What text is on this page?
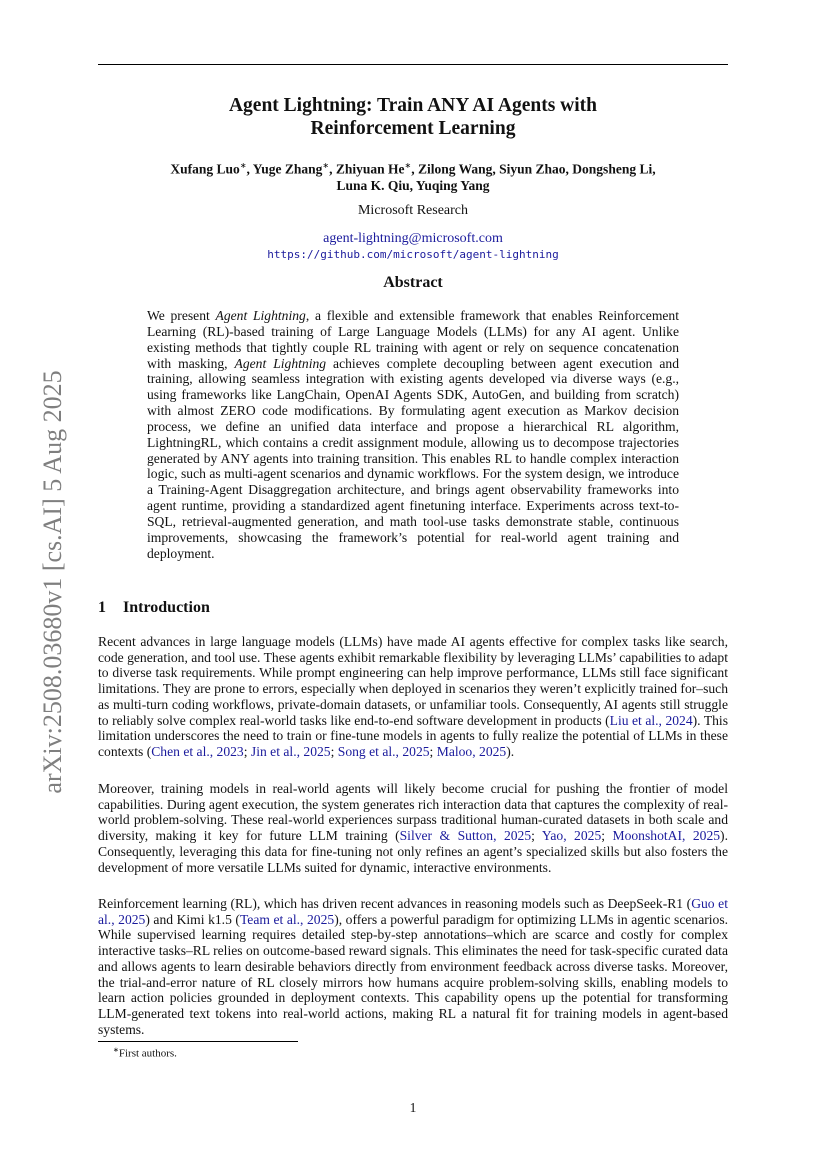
arXiv:2508.03680v1 [cs.AI] 5 Aug 2025
Agent Lightning: Train ANY AI Agents with
Reinforcement Learning
Xufang Luo∗, Yuge Zhang∗, Zhiyuan He∗, Zilong Wang, Siyun Zhao, Dongsheng Li,
Luna K. Qiu, Yuqing Yang
Microsoft Research
agent-lightning@microsoft.com
https://github.com/microsoft/agent-lightning
Abstract

We present Agent Lightning, a flexible and extensible framework that enables Reinforcement Learning (RL)-based training of Large Language Models (LLMs) for any AI agent. Unlike existing methods that tightly couple RL training with agent or rely on sequence concatenation with masking, Agent Lightning achieves complete decoupling between agent execution and training, allowing seamless integration with existing agents developed via diverse ways (e.g., using frameworks like LangChain, OpenAI Agents SDK, AutoGen, and building from scratch) with almost ZERO code modifications. By formulating agent execution as Markov decision process, we define an unified data interface and propose a hierarchical RL algorithm, LightningRL, which contains a credit assignment module, allowing us to decompose trajectories generated by ANY agents into training transition. This enables RL to handle complex interaction logic, such as multi-agent scenarios and dynamic workflows. For the system design, we introduce a Training-Agent Disaggregation architecture, and brings agent observability frameworks into agent runtime, providing a standardized agent finetuning interface. Experiments across text-to-SQL, retrieval-augmented generation, and math tool-use tasks demonstrate stable, continuous improvements, showcasing the framework’s potential for real-world agent training and deployment.

1 Introduction

Recent advances in large language models (LLMs) have made AI agents effective for complex tasks like search, code generation, and tool use. These agents exhibit remarkable flexibility by leveraging LLMs’ capabilities to adapt to diverse task requirements. While prompt engineering can help improve performance, LLMs still face significant limitations. They are prone to errors, especially when deployed in scenarios they weren’t explicitly trained for–such as multi-turn coding workflows, private-domain datasets, or unfamiliar tools. Consequently, AI agents still struggle to reliably solve complex real-world tasks like end-to-end software development in products (Liu et al., 2024). This limitation underscores the need to train or fine-tune models in agents to fully realize the potential of LLMs in these contexts (Chen et al., 2023; Jin et al., 2025; Song et al., 2025; Maloo, 2025).

Moreover, training models in real-world agents will likely become crucial for pushing the frontier of model capabilities. During agent execution, the system generates rich interaction data that captures the complexity of real-world problem-solving. These real-world experiences surpass traditional human-curated datasets in both scale and diversity, making it key for future LLM training (Silver & Sutton, 2025; Yao, 2025; MoonshotAI, 2025). Consequently, leveraging this data for fine-tuning not only refines an agent’s specialized skills but also fosters the development of more versatile LLMs suited for dynamic, interactive environments.

Reinforcement learning (RL), which has driven recent advances in reasoning models such as DeepSeek-R1 (Guo et al., 2025) and Kimi k1.5 (Team et al., 2025), offers a powerful paradigm for optimizing LLMs in agentic scenarios. While supervised learning requires detailed step-by-step annotations–which are scarce and costly for complex interactive tasks–RL relies on outcome-based reward signals. This eliminates the need for task-specific curated data and allows agents to learn desirable behaviors directly from environment feedback across diverse tasks. Moreover, the trial-and-error nature of RL closely mirrors how humans acquire problem-solving skills, enabling models to learn action policies grounded in deployment contexts. This capability opens up the potential for transforming LLM-generated text tokens into real-world actions, making RL a natural fit for training models in agent-based systems.

∗First authors.
1
